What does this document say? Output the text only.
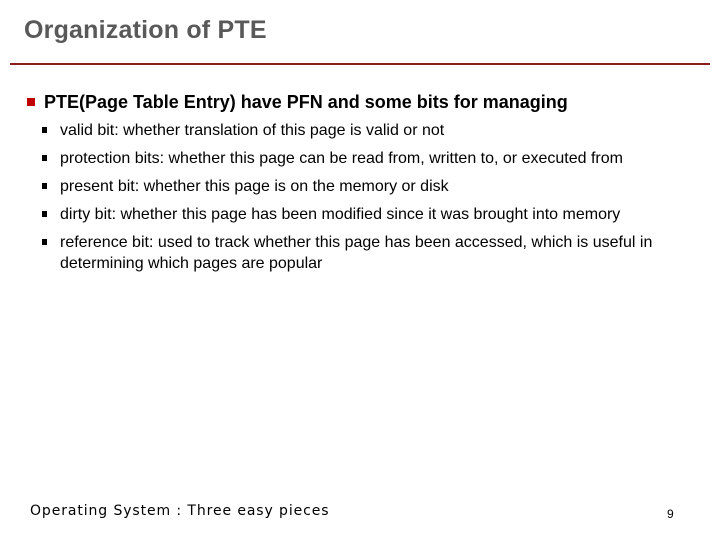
Organization of PTE
PTE(Page Table Entry) have PFN and some bits for managing
valid bit: whether translation of this page is valid or not
protection bits: whether this page can be read from, written to, or executed from
present bit: whether this page is on the memory or disk
dirty bit: whether this page has been modified since it was brought into memory
reference bit: used to track whether this page has been accessed, which is useful in determining which pages are popular
Operating System : Three easy pieces	9
